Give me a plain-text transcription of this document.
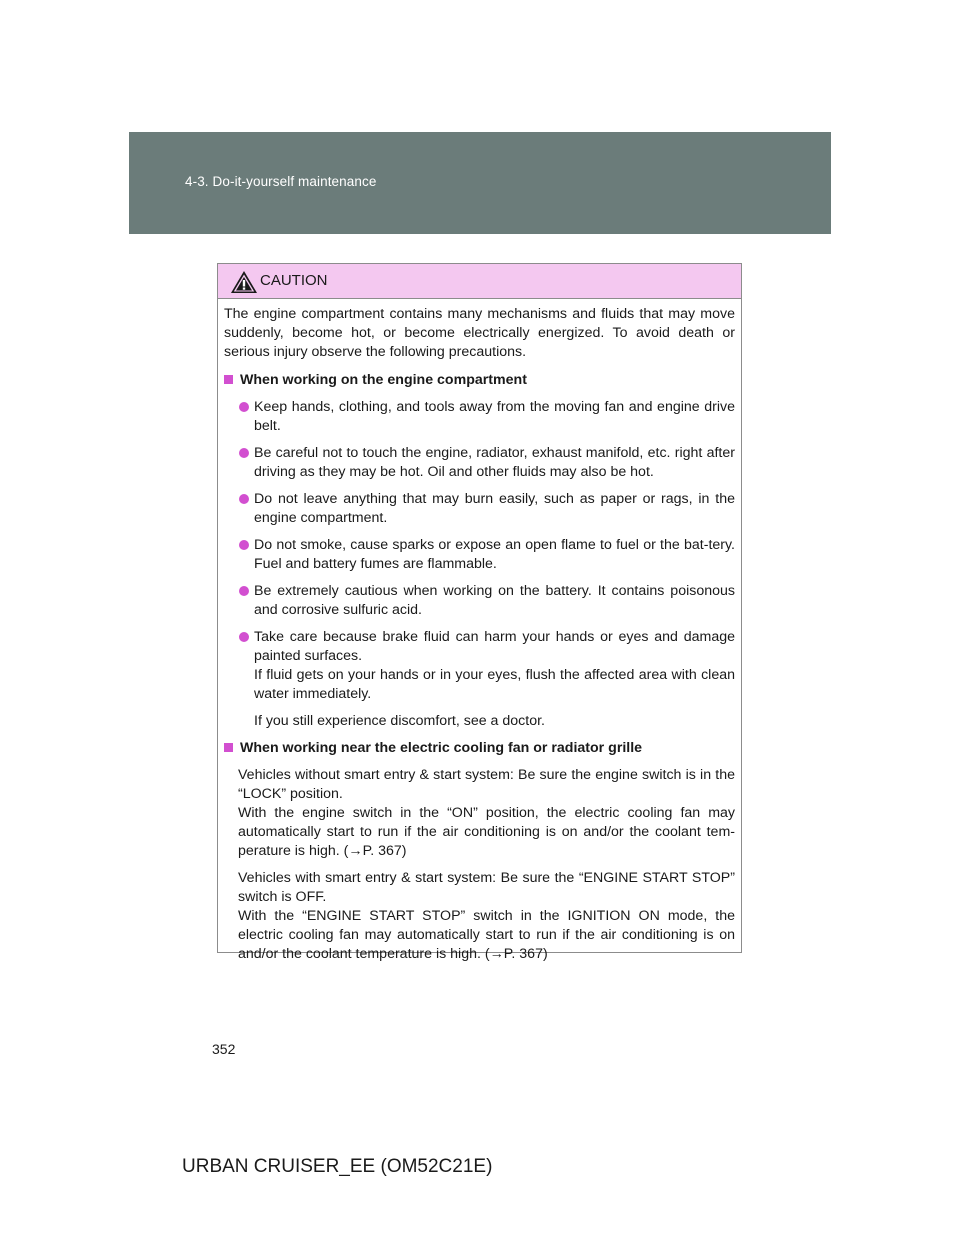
4-3. Do-it-yourself maintenance
CAUTION

The engine compartment contains many mechanisms and fluids that may move suddenly, become hot, or become electrically energized. To avoid death or serious injury observe the following precautions.

When working on the engine compartment

Keep hands, clothing, and tools away from the moving fan and engine drive belt.

Be careful not to touch the engine, radiator, exhaust manifold, etc. right after driving as they may be hot. Oil and other fluids may also be hot.

Do not leave anything that may burn easily, such as paper or rags, in the engine compartment.

Do not smoke, cause sparks or expose an open flame to fuel or the bat-tery. Fuel and battery fumes are flammable.

Be extremely cautious when working on the battery. It contains poisonous and corrosive sulfuric acid.

Take care because brake fluid can harm your hands or eyes and damage painted surfaces.

If fluid gets on your hands or in your eyes, flush the affected area with clean water immediately.

If you still experience discomfort, see a doctor.

When working near the electric cooling fan or radiator grille

Vehicles without smart entry & start system: Be sure the engine switch is in the “LOCK” position.

With the engine switch in the “ON” position, the electric cooling fan may automatically start to run if the air conditioning is on and/or the coolant tem-perature is high. (→P. 367)

Vehicles with smart entry & start system: Be sure the “ENGINE START STOP” switch is OFF.

With the “ENGINE START STOP” switch in the IGNITION ON mode, the electric cooling fan may automatically start to run if the air conditioning is on and/or the coolant temperature is high. (→P. 367)

352
URBAN CRUISER_EE (OM52C21E)
